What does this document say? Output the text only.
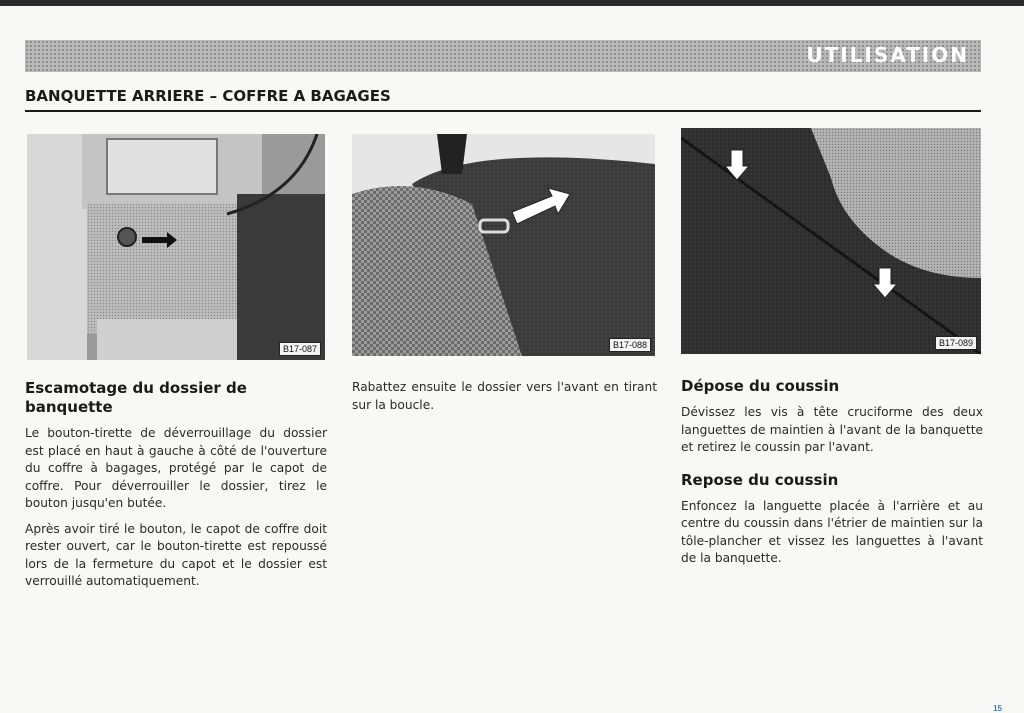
UTILISATION
BANQUETTE ARRIERE – COFFRE A BAGAGES
B17-087	B17-088	B17-089
Escamotage du dossier de banquette

Le bouton-tirette de déverrouillage du dossier est placé en haut à gauche à côté de l'ouverture du coffre à bagages, protégé par le capot de coffre. Pour déverrouiller le dossier, tirez le bouton jusqu'en butée.

Après avoir tiré le bouton, le capot de coffre doit rester ouvert, car le bouton-tirette est repoussé lors de la fermeture du capot et le dossier est verrouillé automatiquement.

Rabattez ensuite le dossier vers l'avant en tirant sur la boucle.

Dépose du coussin

Dévissez les vis à tête cruciforme des deux languettes de maintien à l'avant de la banquette et retirez le coussin par l'avant.

Repose du coussin

Enfoncez la languette placée à l'arrière et au centre du coussin dans l'étrier de maintien sur la tôle-plancher et vissez les languettes à l'avant de la banquette.

15
